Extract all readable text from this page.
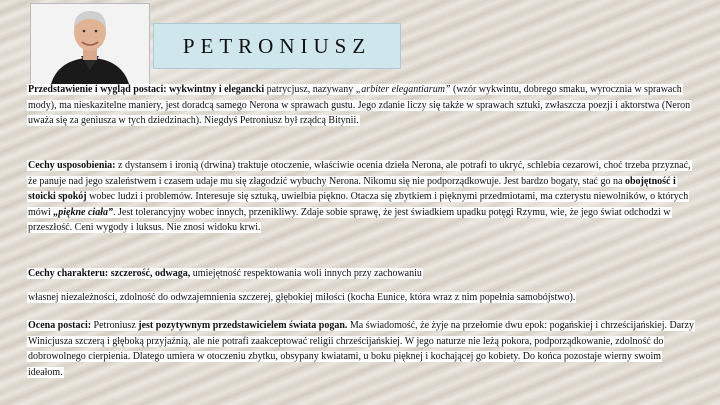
PETRONIUSZ

Przedstawienie i wygląd postaci: wykwintny i elegancki patrycjusz, nazywany „arbiter elegantiarum” (wzór wykwintu, dobrego smaku, wyrocznia w sprawach mody), ma nieskazitelne maniery, jest doradcą samego Nerona w sprawach gustu. Jego zdanie liczy się także w sprawach sztuki, zwłaszcza poezji i aktorstwa (Neron uważa się za geniusza w tych dziedzinach). Niegdyś Petroniusz był rządcą Bitynii.

Cechy usposobienia: z dystansem i ironią (drwina) traktuje otoczenie, właściwie ocenia dzieła Nerona, ale potrafi to ukryć, schlebia cezarowi, choć trzeba przyznać, że panuje nad jego szaleństwem i czasem udaje mu się złagodzić wybuchy Nerona. Nikomu się nie podporządkowuje. Jest bardzo bogaty, stać go na obojętność i stoicki spokój wobec ludzi i problemów. Interesuje się sztuką, uwielbia piękno. Otacza się zbytkiem i pięknymi przedmiotami, ma czterystu niewolników, o których mówi „piękne ciała”. Jest tolerancyjny wobec innych, przenikliwy. Zdaje sobie sprawę, że jest świadkiem upadku potęgi Rzymu, wie, że jego świat odchodzi w przeszłość. Ceni wygody i luksus. Nie znosi widoku krwi.

Cechy charakteru: szczerość, odwaga, umiejętność respektowania woli innych przy zachowaniu

własnej niezależności, zdolność do odwzajemnienia szczerej, głębokiej miłości (kocha Eunice, która wraz z nim popełnia samobójstwo).

Ocena postaci: Petroniusz jest pozytywnym przedstawicielem świata pogan. Ma świadomość, że żyje na przełomie dwu epok: pogańskiej i chrześcijańskiej. Darzy Winicjusza szczerą i głęboką przyjaźnią, ale nie potrafi zaakceptować religii chrześcijańskiej. W jego naturze nie leżą pokora, podporządkowanie, zdolność do dobrowolnego cierpienia. Dlatego umiera w otoczeniu zbytku, obsypany kwiatami, u boku pięknej i kochającej go kobiety. Do końca pozostaje wierny swoim ideałom.
